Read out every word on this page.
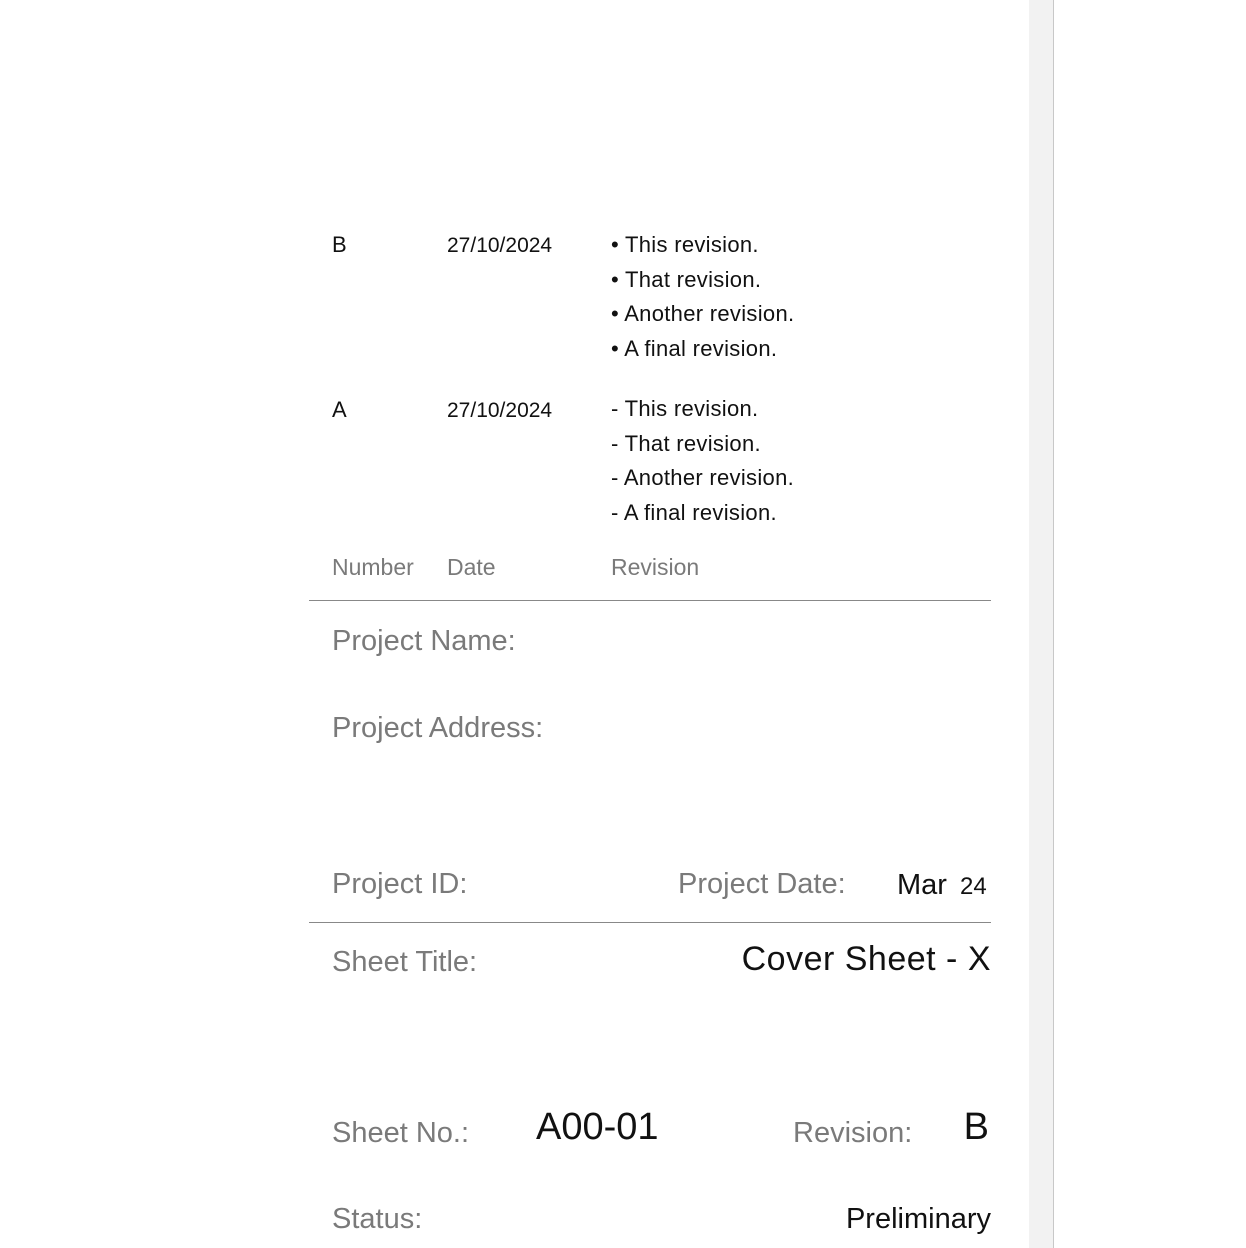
B	27/10/2024	• This revision.
• That revision.
• Another revision.
• A final revision.
A	27/10/2024	- This revision.
- That revision.
- Another revision.
- A final revision.
Number Date	Revision
Project Name:
Project Address:
Project ID:	Project Date: Mar 24
Sheet Title:	Cover Sheet - X
Sheet No.: A00-01	Revision: B
Status:	Preliminary
